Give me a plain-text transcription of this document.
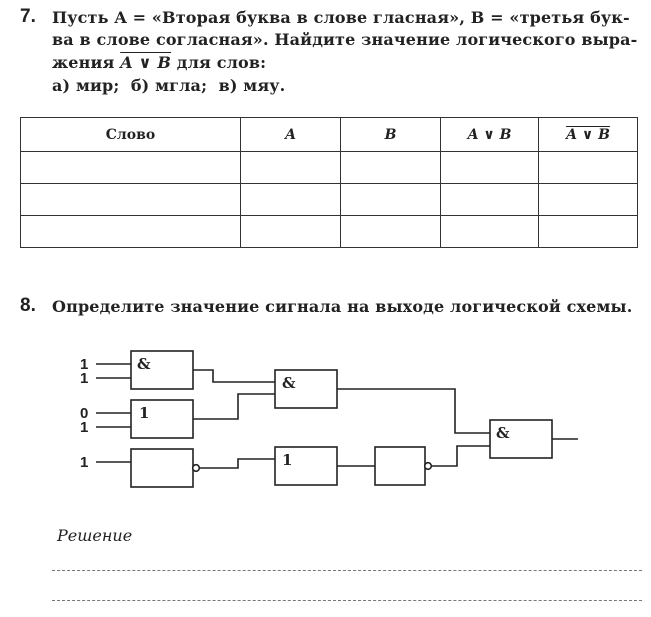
7. Пусть A = «Вторая буква в слове гласная», B = «третья бук-
ва в слове согласная». Найдите значение логического выра-
жения A ∨ B для слов:
а) мир;  б) мгла;  в) мяу.
Слово	A	B	A ∨ B	A ∨ B

8. Определите значение сигнала на выходе логической схемы.
&
1
&
1
&
1
1
0
1
1
Решение
